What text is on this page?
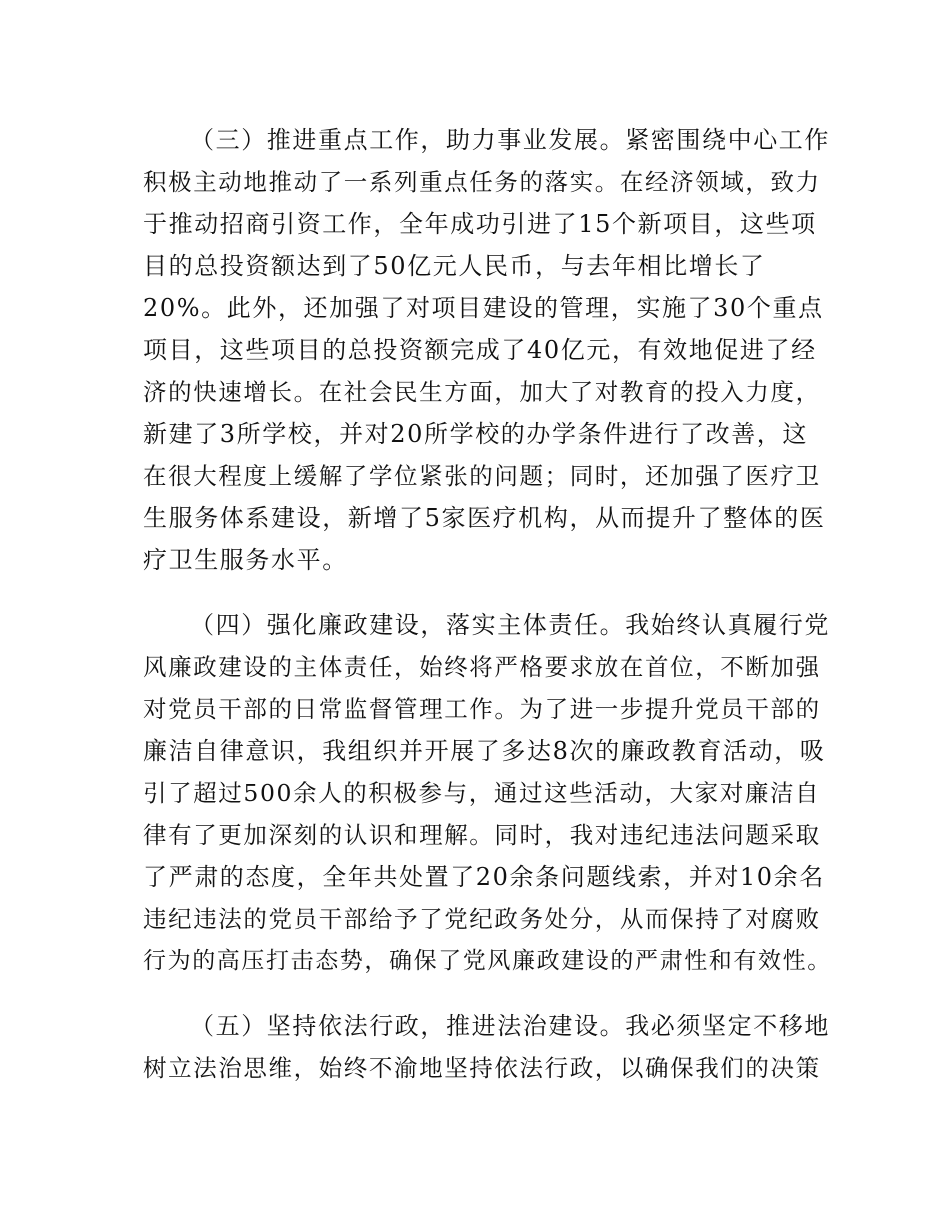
（三）推进重点工作，助力事业发展。紧密围绕中心工作
积极主动地推动了一系列重点任务的落实。在经济领域，致力
于推动招商引资工作，全年成功引进了15个新项目，这些项
目的总投资额达到了50亿元人民币，与去年相比增长了
20%。此外，还加强了对项目建设的管理，实施了30个重点
项目，这些项目的总投资额完成了40亿元，有效地促进了经
济的快速增长。在社会民生方面，加大了对教育的投入力度，
新建了3所学校，并对20所学校的办学条件进行了改善，这
在很大程度上缓解了学位紧张的问题；同时，还加强了医疗卫
生服务体系建设，新增了5家医疗机构，从而提升了整体的医
疗卫生服务水平。
（四）强化廉政建设，落实主体责任。我始终认真履行党
风廉政建设的主体责任，始终将严格要求放在首位，不断加强
对党员干部的日常监督管理工作。为了进一步提升党员干部的
廉洁自律意识，我组织并开展了多达8次的廉政教育活动，吸
引了超过500余人的积极参与，通过这些活动，大家对廉洁自
律有了更加深刻的认识和理解。同时，我对违纪违法问题采取
了严肃的态度，全年共处置了20余条问题线索，并对10余名
违纪违法的党员干部给予了党纪政务处分，从而保持了对腐败
行为的高压打击态势，确保了党风廉政建设的严肃性和有效性。
（五）坚持依法行政，推进法治建设。我必须坚定不移地
树立法治思维，始终不渝地坚持依法行政，以确保我们的决策
